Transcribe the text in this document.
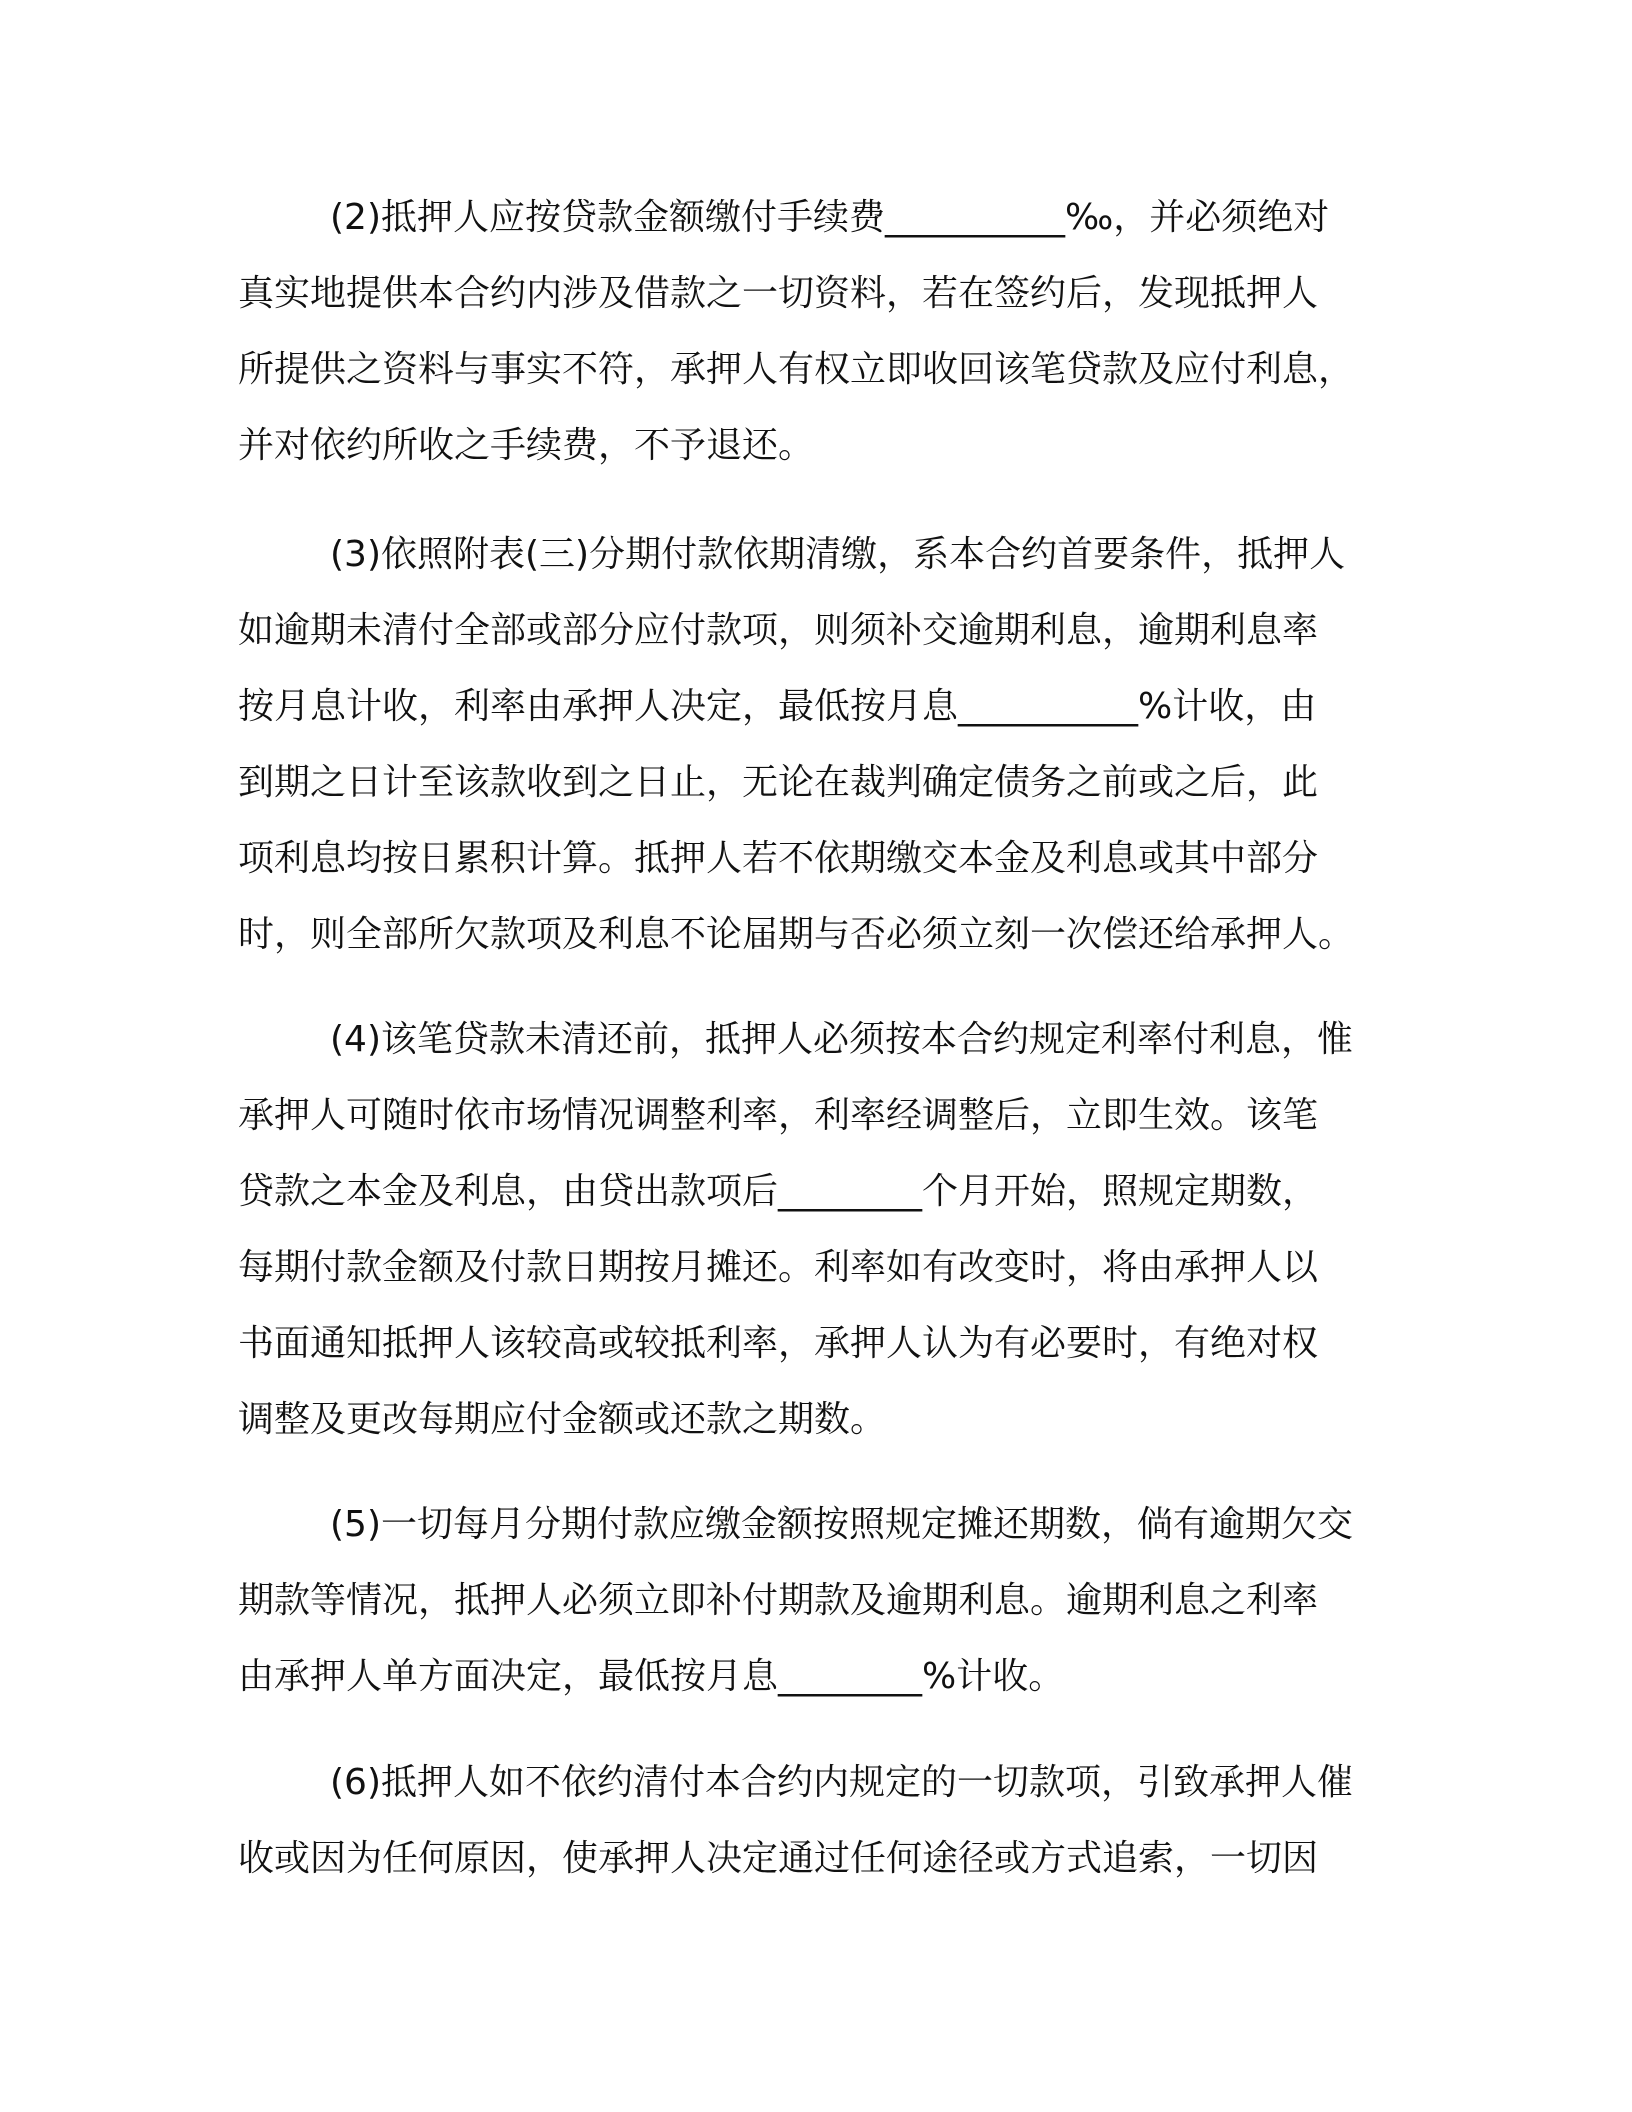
(2)抵押人应按贷款金额缴付手续费__________‰，并必须绝对
真实地提供本合约内涉及借款之一切资料，若在签约后，发现抵押人
所提供之资料与事实不符，承押人有权立即收回该笔贷款及应付利息，
并对依约所收之手续费，不予退还。
(3)依照附表(三)分期付款依期清缴，系本合约首要条件，抵押人
如逾期未清付全部或部分应付款项，则须补交逾期利息，逾期利息率
按月息计收，利率由承押人决定，最低按月息__________%计收，由
到期之日计至该款收到之日止，无论在裁判确定债务之前或之后，此
项利息均按日累积计算。抵押人若不依期缴交本金及利息或其中部分
时，则全部所欠款项及利息不论届期与否必须立刻一次偿还给承押人。
(4)该笔贷款未清还前，抵押人必须按本合约规定利率付利息，惟
承押人可随时依市场情况调整利率，利率经调整后，立即生效。该笔
贷款之本金及利息，由贷出款项后________个月开始，照规定期数，
每期付款金额及付款日期按月摊还。利率如有改变时，将由承押人以
书面通知抵押人该较高或较抵利率，承押人认为有必要时，有绝对权
调整及更改每期应付金额或还款之期数。
(5)一切每月分期付款应缴金额按照规定摊还期数，倘有逾期欠交
期款等情况，抵押人必须立即补付期款及逾期利息。逾期利息之利率
由承押人单方面决定，最低按月息________%计收。
(6)抵押人如不依约清付本合约内规定的一切款项，引致承押人催
收或因为任何原因，使承押人决定通过任何途径或方式追索，一切因
